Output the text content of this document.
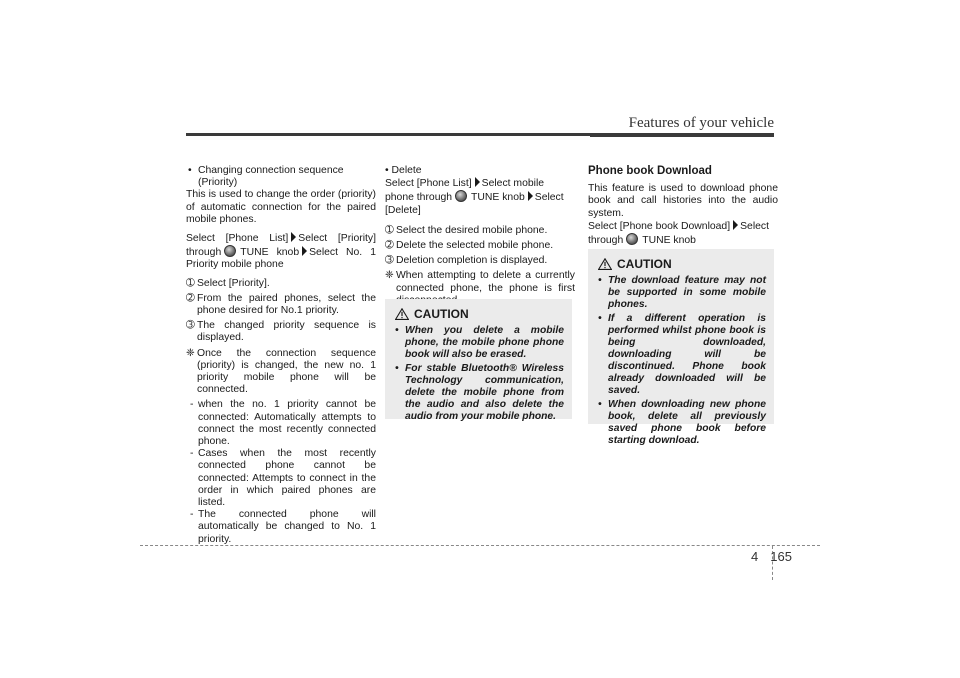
Features of your vehicle
• Changing connection sequence (Priority)

This is used to change the order (priority) of automatic connection for the paired mobile phones.

Select [Phone List] Select [Priority] through TUNE knob Select No. 1 Priority mobile phone

➀ Select [Priority].
➁ From the paired phones, select the phone desired for No.1 priority.
➂ The changed priority sequence is displayed.
❈ Once the connection sequence (priority) is changed, the new no. 1 priority mobile phone will be connected.
- when the no. 1 priority cannot be connected: Automatically attempts to connect the most recently connected phone.
- Cases when the most recently connected phone cannot be connected: Attempts to connect in the order in which paired phones are listed.
- The connected phone will automatically be changed to No. 1 priority.
• Delete

Select [Phone List] Select mobile phone through TUNE knob Select [Delete]

➀ Select the desired mobile phone.
➁ Delete the selected mobile phone.
➂ Deletion completion is displayed.
❈ When attempting to delete a currently connected phone, the phone is first
CAUTION
• When you delete a mobile phone, the mobile phone phone book will also be erased.
• For stable Bluetooth® Wireless Technology communication, delete the mobile phone from the audio and also delete the audio from your mobile phone.
Phone book Download

This feature is used to download phone book and call histories into the audio system.

Select [Phone book Download] Select through TUNE knob

CAUTION
• The download feature may not be supported in some mobile phones.
• If a different operation is performed whilst phone book is being downloaded, downloading will be discontinued. Phone book already downloaded will be saved.
• When downloading new phone book, delete all previously saved phone book before starting download.
4 165
